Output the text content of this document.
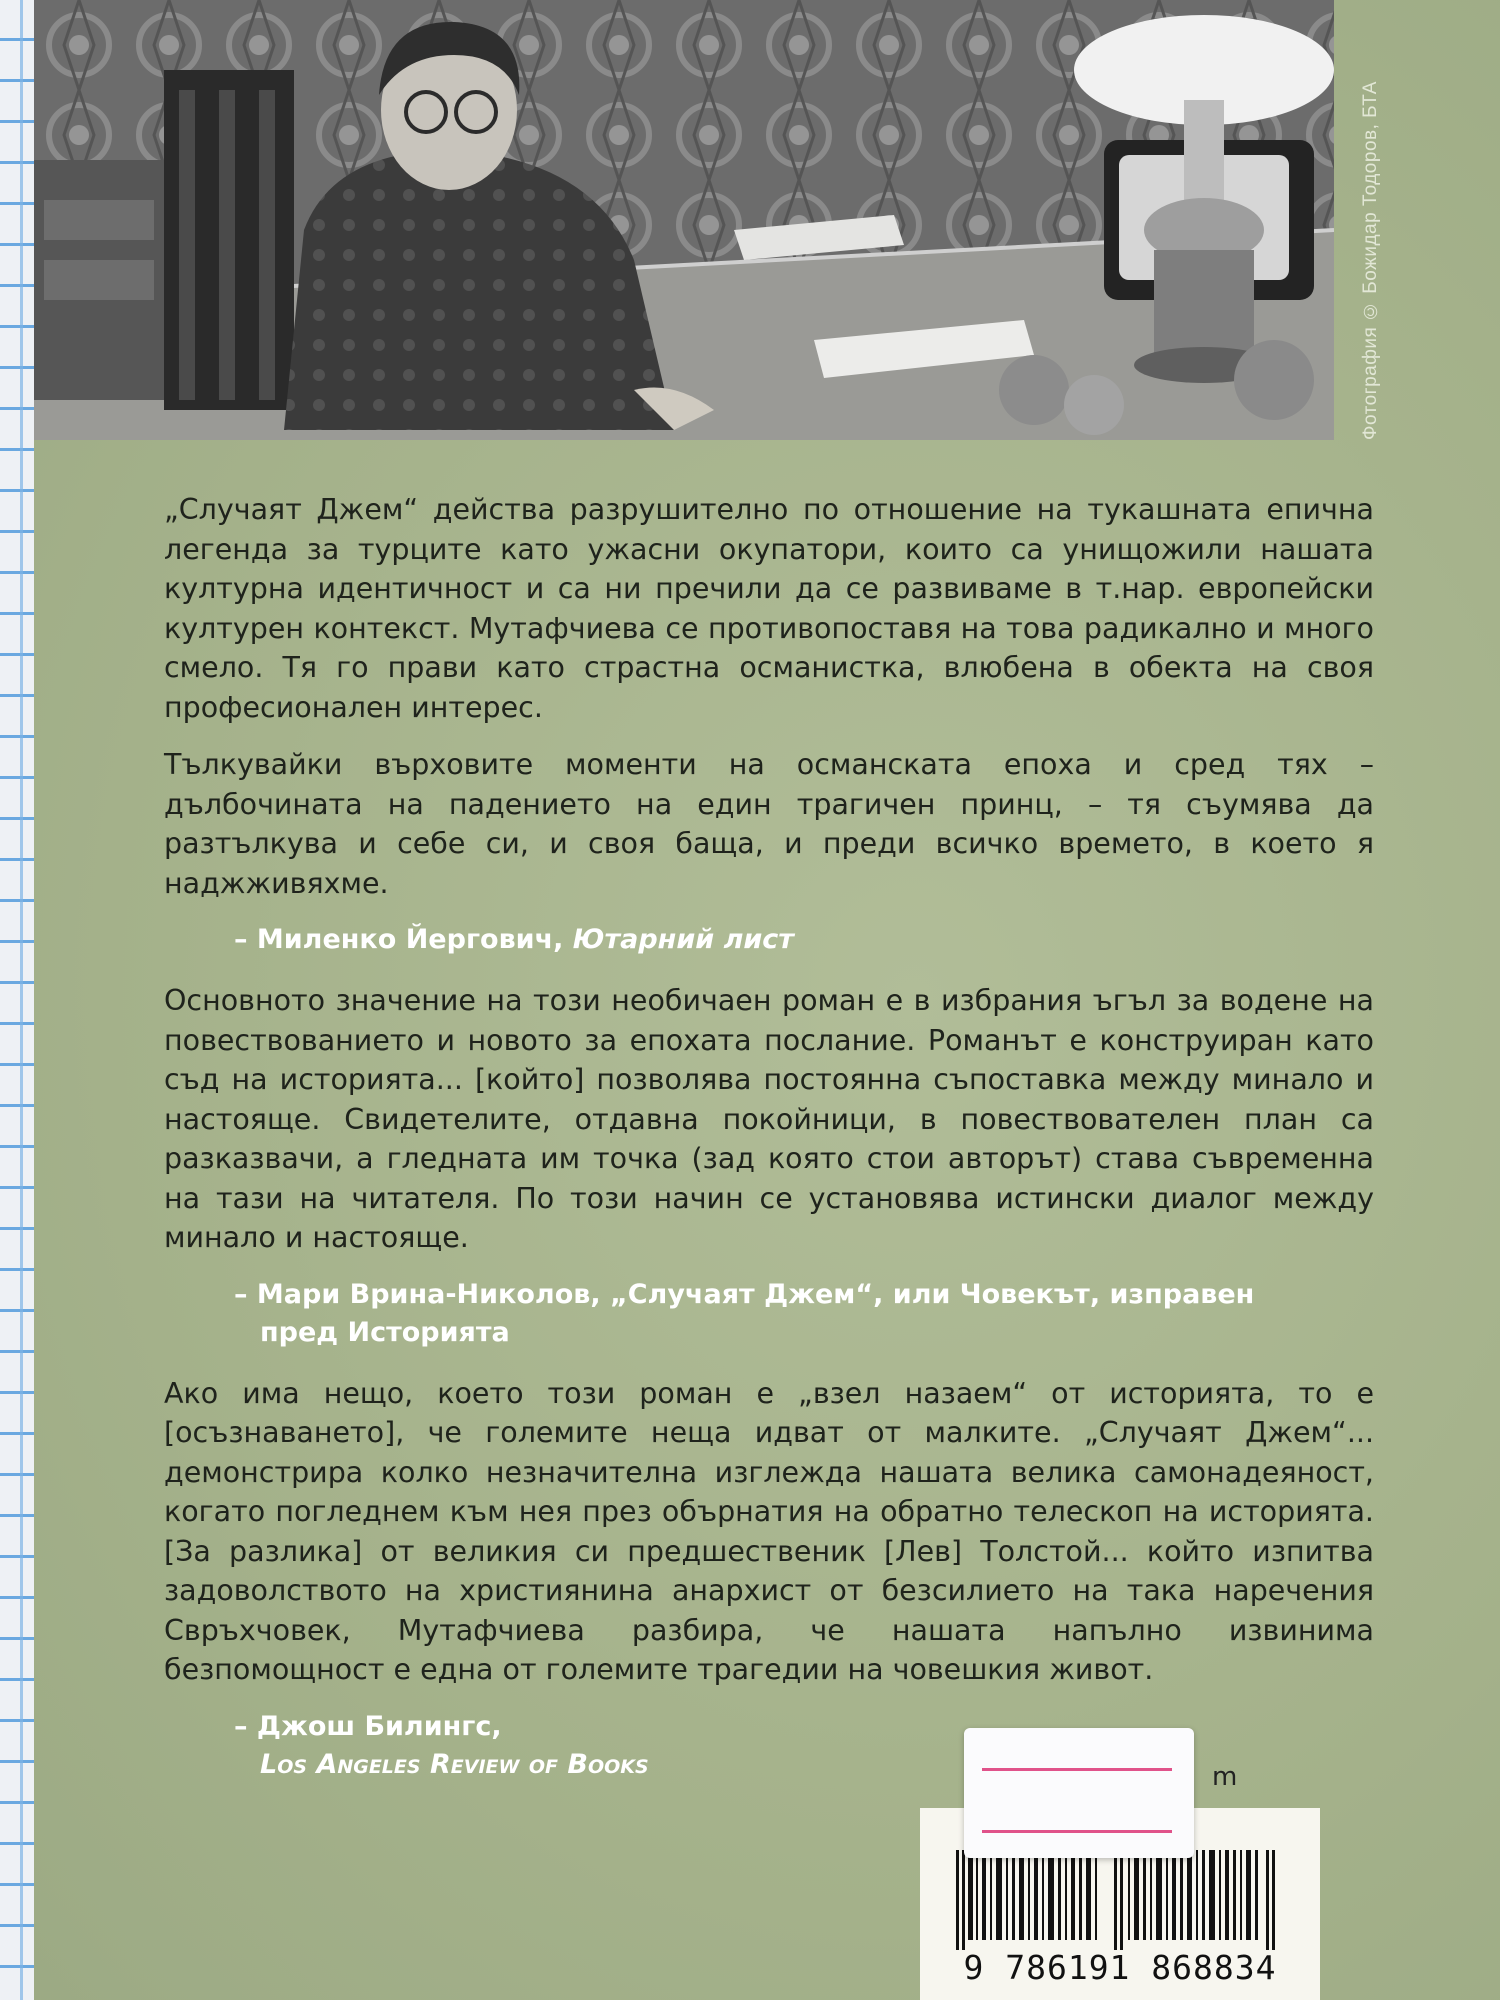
Фотография © Божидар Тодоров, БТА

„Случаят Джем“ действа разрушително по отношение на тукашната епична легенда за турците като ужасни окупатори, които са унищожили нашата културна идентичност и са ни пречили да се развиваме в т.нар. европейски културен контекст. Мутафчиева се противопоставя на това радикално и много смело. Тя го прави като страстна османистка, влюбена в обекта на своя професионален интерес.

Тълкувайки върховите моменти на османската епоха и сред тях – дълбочината на падението на един трагичен принц, – тя съумява да разтълкува и себе си, и своя баща, и преди всичко времето, в което я наджживяхме.

– Миленко Йергович, Ютарний лист

Основното значение на този необичаен роман е в избрания ъгъл за водене на повествованието и новото за епохата послание. Романът е конструиран като съд на историята... [който] позволява постоянна съпоставка между минало и настояще. Свидетелите, отдавна покойници, в повествователен план са разказвачи, а гледната им точка (зад която стои авторът) става съвременна на тази на читателя. По този начин се установява истински диалог между минало и настояще.

– Мари Врина-Николов, „Случаят Джем“, или Човекът, изправен
пред Историята

Ако има нещо, което този роман е „взел назаем“ от историята, то е [осъзнаването], че големите неща идват от малките. „Случаят Джем“... демонстрира колко незначителна изглежда нашата велика самонадеяност, когато погледнем към нея през обърнатия на обратно телескоп на историята. [За разлика] от великия си предшественик [Лев] Толстой... който изпитва задоволството на християнина анархист от безсилието на така наречения Свръхчовек, Мутафчиева разбира, че нашата напълно извинима безпомощност е една от големите трагедии на човешкия живот.

– Джош Билингс,
Los Angeles Review of Books	m
9 786191 868834
